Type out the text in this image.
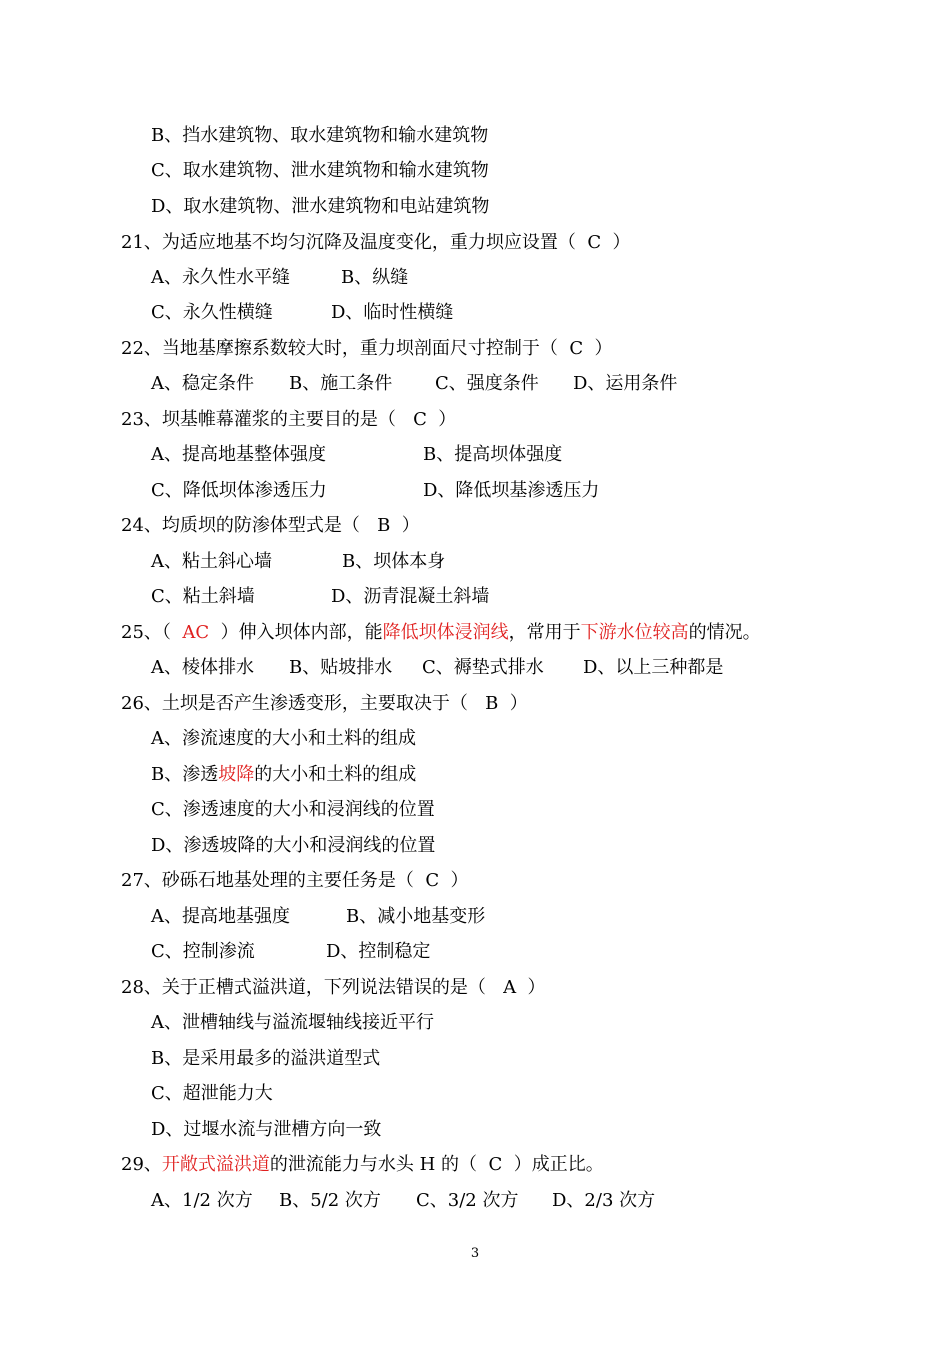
B、挡水建筑物、取水建筑物和输水建筑物
C、取水建筑物、泄水建筑物和输水建筑物
D、取水建筑物、泄水建筑物和电站建筑物
21、为适应地基不均匀沉降及温度变化，重力坝应设置（  C  ）

A、永久性水平缝

	B、纵缝

C、永久性横缝

	D、临时性横缝

22、当地基摩擦系数较大时，重力坝剖面尺寸控制于（  C  ）

A、稳定条件

B、施工条件

C、强度条件

D、运用条件

23、坝基帷幕灌浆的主要目的是（   C  ）

A、提高地基整体强度

	B、提高坝体强度

C、降低坝体渗透压力

	D、降低坝基渗透压力

24、均质坝的防渗体型式是（   B  ）

A、粘土斜心墙

	B、坝体本身

C、粘土斜墙

	D、沥青混凝土斜墙

25、（  AC  ）伸入坝体内部，能降低坝体浸润线，常用于下游水位较高的情况。

A、棱体排水

B、贴坡排水

C、褥垫式排水

D、以上三种都是

26、土坝是否产生渗透变形，主要取决于（   B  ）
A、渗流速度的大小和土料的组成
B、渗透坡降的大小和土料的组成
C、渗透速度的大小和浸润线的位置
D、渗透坡降的大小和浸润线的位置
27、砂砾石地基处理的主要任务是（  C  ）

A、提高地基强度

	B、减小地基变形

C、控制渗流

	D、控制稳定

28、关于正槽式溢洪道，下列说法错误的是（   A  ）
A、泄槽轴线与溢流堰轴线接近平行
B、是采用最多的溢洪道型式
C、超泄能力大
D、过堰水流与泄槽方向一致
29、开敞式溢洪道的泄流能力与水头 H 的（  C  ）成正比。

A、1/2 次方

B、5/2 次方

C、3/2 次方

D、2/3 次方

3
